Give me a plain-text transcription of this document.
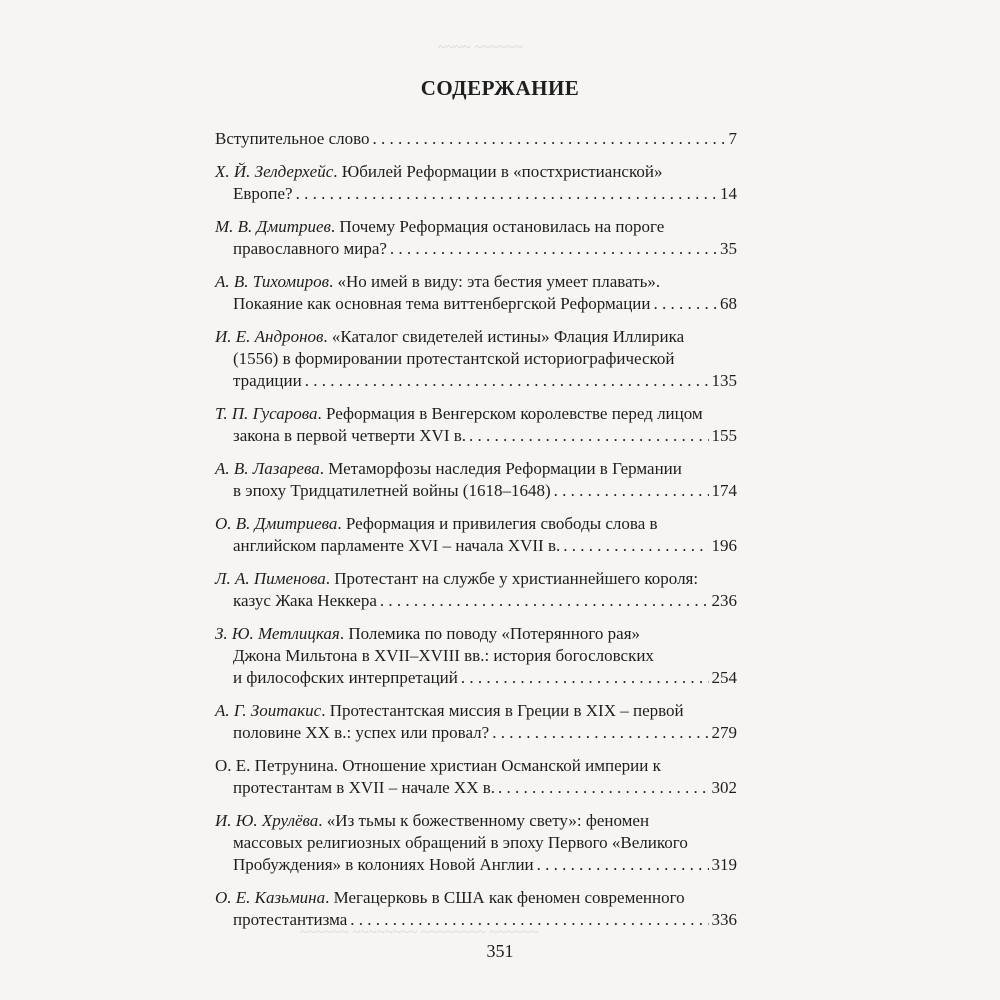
~~~~ ~~~~~~
~~~~~~ ~~~~~~~~ ~~~~~~~~ ~~~~~~
СОДЕРЖАНИЕ
Вступительное слово . . .	7
Х. Й. Зелдерхейс. Юбилей Реформации в «постхристианской»
Европе? . . .	14
М. В. Дмитриев. Почему Реформация остановилась на пороге
православного мира? . . .	35
А. В. Тихомиров. «Но имей в виду: эта бестия умеет плавать».
Покаяние как основная тема виттенбергской Реформации . . .	68
И. Е. Андронов. «Каталог свидетелей истины» Флация Иллирика
(1556) в формировании протестантской историографической
традиции . . .	135
Т. П. Гусарова. Реформация в Венгерском королевстве перед лицом
закона в первой четверти XVI в. . . .	155
А. В. Лазарева. Метаморфозы наследия Реформации в Германии
в эпоху Тридцатилетней войны (1618–1648) . . .	174
О. В. Дмитриева. Реформация и привилегия свободы слова в
английском парламенте XVI – начала XVII в. . . .	196
Л. А. Пименова. Протестант на службе у христианнейшего короля:
казус Жака Неккера . . .	236
З. Ю. Метлицкая. Полемика по поводу «Потерянного рая»
Джона Мильтона в XVII–XVIII вв.: история богословских
и философских интерпретаций . . .	254
А. Г. Зоитакис. Протестантская миссия в Греции в XIX – первой
половине XX в.: успех или провал? . . .	279
О. Е. Петрунина. Отношение христиан Османской империи к
протестантам в XVII – начале XX в. . . .	302
И. Ю. Хрулёва. «Из тьмы к божественному свету»: феномен
массовых религиозных обращений в эпоху Первого «Великого
Пробуждения» в колониях Новой Англии . . .	319
О. Е. Казьмина. Мегацерковь в США как феномен современного
протестантизма . . .	336
351
